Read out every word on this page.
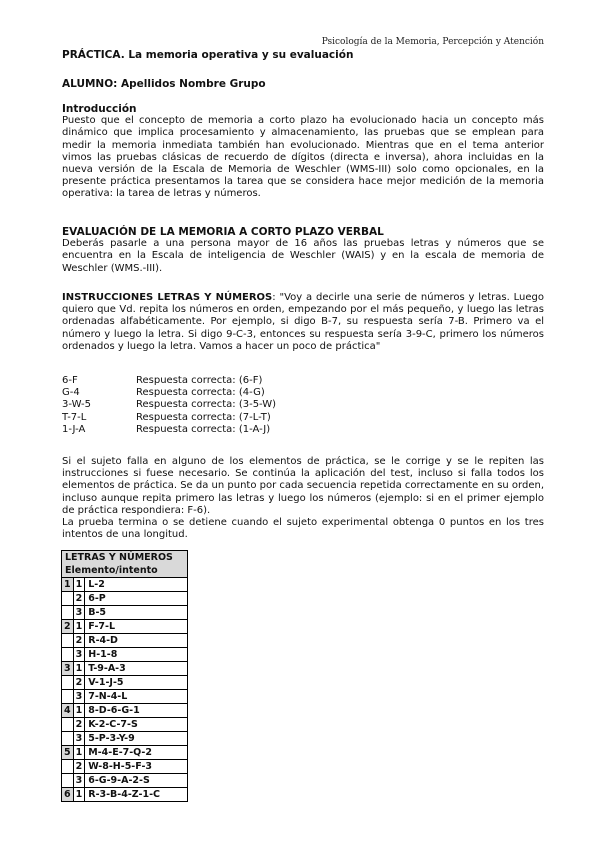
Psicología de la Memoria, Percepción y Atención
PRÁCTICA. La memoria operativa y su evaluación
ALUMNO: Apellidos Nombre Grupo
Introducción
Puesto que el concepto de memoria a corto plazo ha evolucionado hacia un concepto más dinámico que implica procesamiento y almacenamiento, las pruebas que se emplean para medir la memoria inmediata también han evolucionado. Mientras que en el tema anterior vimos las pruebas clásicas de recuerdo de dígitos (directa e inversa), ahora incluidas en la nueva versión de la Escala de Memoria de Weschler (WMS-III) solo como opcionales, en la presente práctica presentamos la tarea que se considera hace mejor medición de la memoria operativa: la tarea de letras y números.
EVALUACIÓN DE LA MEMORIA A CORTO PLAZO VERBAL
Deberás pasarle a una persona mayor de 16 años las pruebas letras y números que se encuentra en la Escala de inteligencia de Weschler (WAIS) y en la escala de memoria de Weschler (WMS.-III).
INSTRUCCIONES LETRAS Y NÚMEROS: "Voy a decirle una serie de números y letras. Luego quiero que Vd. repita los números en orden, empezando por el más pequeño, y luego las letras ordenadas alfabéticamente. Por ejemplo, si digo B-7, su respuesta sería 7-B. Primero va el número y luego la letra. Si digo 9-C-3, entonces su respuesta sería 3-9-C, primero los números ordenados y luego la letra. Vamos a hacer un poco de práctica"
6-F	Respuesta correcta: (6-F)
G-4	Respuesta correcta: (4-G)
3-W-5	Respuesta correcta: (3-5-W)
T-7-L	Respuesta correcta: (7-L-T)
1-J-A	Respuesta correcta: (1-A-J)
Si el sujeto falla en alguno de los elementos de práctica, se le corrige y se le repiten las instrucciones si fuese necesario. Se continúa la aplicación del test, incluso si falla todos los elementos de práctica. Se da un punto por cada secuencia repetida correctamente en su orden, incluso aunque repita primero las letras y luego los números (ejemplo: si en el primer ejemplo de práctica respondiera: F-6).
La prueba termina o se detiene cuando el sujeto experimental obtenga 0 puntos en los tres intentos de una longitud.
LETRAS Y NÚMEROS		
Elemento/intento		
1	1	L-2
	2	6-P
	3	B-5
2	1	F-7-L
	2	R-4-D
	3	H-1-8
3	1	T-9-A-3
	2	V-1-J-5
	3	7-N-4-L
4	1	8-D-6-G-1
	2	K-2-C-7-S
	3	5-P-3-Y-9
5	1	M-4-E-7-Q-2
	2	W-8-H-5-F-3
	3	6-G-9-A-2-S
6	1	R-3-B-4-Z-1-C
